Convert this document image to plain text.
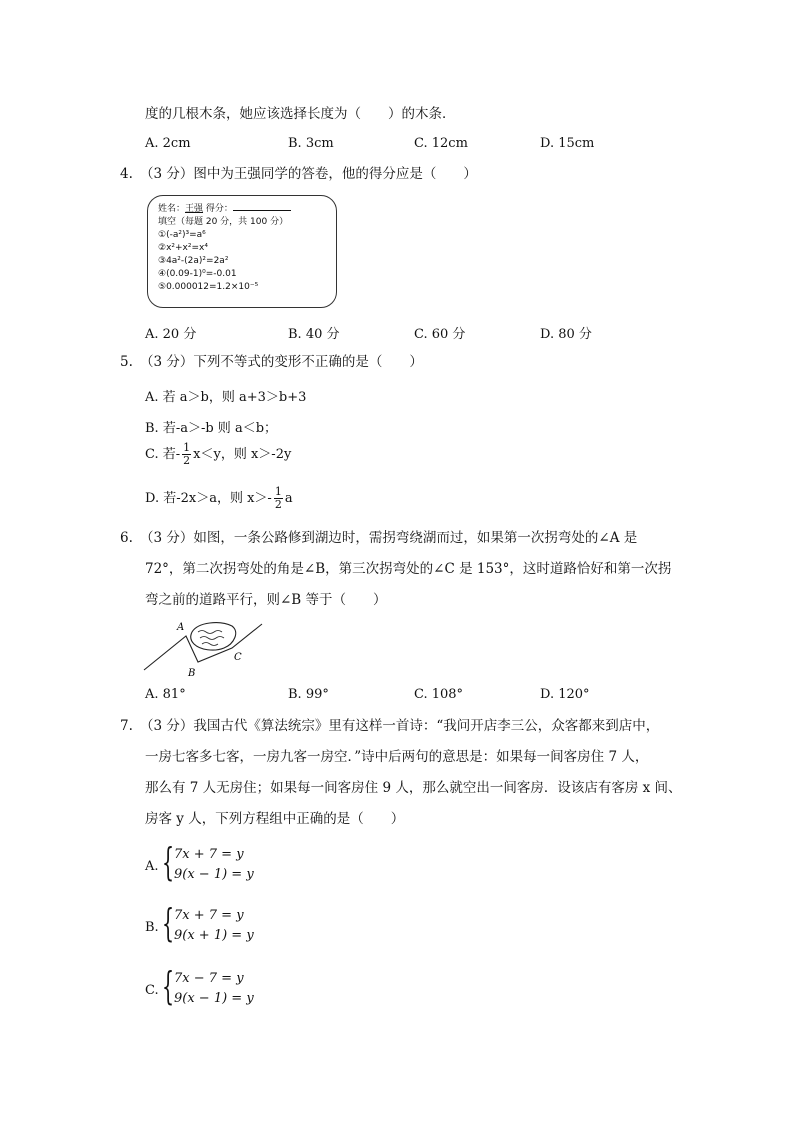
度的几根木条，她应该选择长度为（　　）的木条．
A. 2cm	B. 3cm	C. 12cm	D. 15cm
4. （3 分）图中为王强同学的答卷，他的得分应是（　　）
姓名：王强 得分：
填空（每题 20 分，共 100 分）
①(-a²)³=a⁶
②x²+x²=x⁴
③4a²-(2a)²=2a²
④(0.09-1)⁰=-0.01
⑤0.000012=1.2×10⁻⁵
A. 20 分	B. 40 分	C. 60 分	D. 80 分
5. （3 分）下列不等式的变形不正确的是（　　）
A. 若 a＞b，则 a+3＞b+3
B. 若-a＞-b 则 a＜b；
C. 若- $\frac{1}{2} x<y$，则 x＞-2y
D. 若-2x＞a，则 $x>- \frac{1}{2}$ a
6. （3 分）如图，一条公路修到湖边时，需拐弯绕湖而过，如果第一次拐弯处的∠A 是
72°，第二次拐弯处的角是∠B，第三次拐弯处的∠C 是 153°，这时道路恰好和第一次拐
弯之前的道路平行，则∠B 等于（　　）
A
B
C
A. 81°	B. 99°	C. 108°	D. 120°
7. （3 分）我国古代《算法统宗》里有这样一首诗：“我问开店李三公，众客都来到店中，
一房七客多七客，一房九客一房空．”诗中后两句的意思是：如果每一间客房住 7 人，
那么有 7 人无房住；如果每一间客房住 9 人，那么就空出一间客房．设该店有客房 x 间、
房客 y 人，下列方程组中正确的是（　　）
A. { 7x + 7 = y
9(x − 1) = y
B. { 7x + 7 = y
9(x + 1) = y
C. { 7x − 7 = y
9(x − 1) = y
